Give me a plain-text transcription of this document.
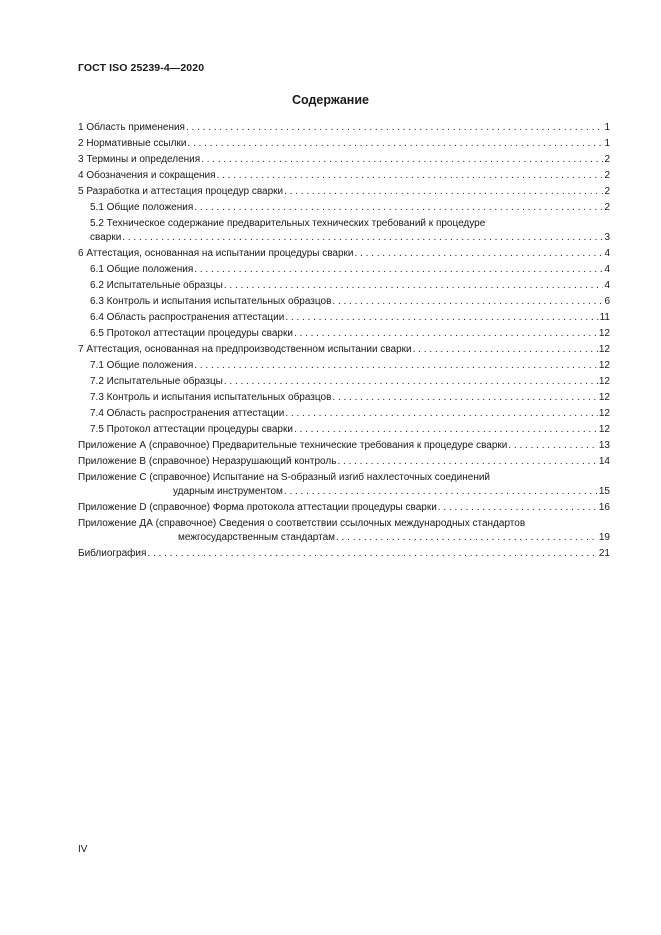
ГОСТ ISO 25239-4—2020
Содержание
1 Область применения . . .	1
2 Нормативные ссылки . . .	1
3 Термины и определения . . .	2
4 Обозначения и сокращения . . .	2
5 Разработка и аттестация процедур сварки . . .	2
5.1 Общие положения . . .	2
5.2 Техническое содержание предварительных технических требований к процедуре
сварки . . .	3
6 Аттестация, основанная на испытании процедуры сварки . . .	4
6.1 Общие положения . . .	4
6.2 Испытательные образцы . . .	4
6.3 Контроль и испытания испытательных образцов . . .	6
6.4 Область распространения аттестации . . .	11
6.5 Протокол аттестации процедуры сварки . . .	12
7 Аттестация, основанная на предпроизводственном испытании сварки . . .	12
7.1 Общие положения . . .	12
7.2 Испытательные образцы . . .	12
7.3 Контроль и испытания испытательных образцов . . .	12
7.4 Область распространения аттестации . . .	12
7.5 Протокол аттестации процедуры сварки . . .	12
Приложение А (справочное) Предварительные технические требования к процедуре сварки . . .	13
Приложение В (справочное) Неразрушающий контроль . . .	14
Приложение С (справочное) Испытание на S-образный изгиб нахлесточных соединений
ударным инструментом . . .	15
Приложение D (справочное) Форма протокола аттестации процедуры сварки . . .	16
Приложение ДА (справочное) Сведения о соответствии ссылочных международных стандартов
межгосударственным стандартам . . .	19
Библиография . . .	21
IV
